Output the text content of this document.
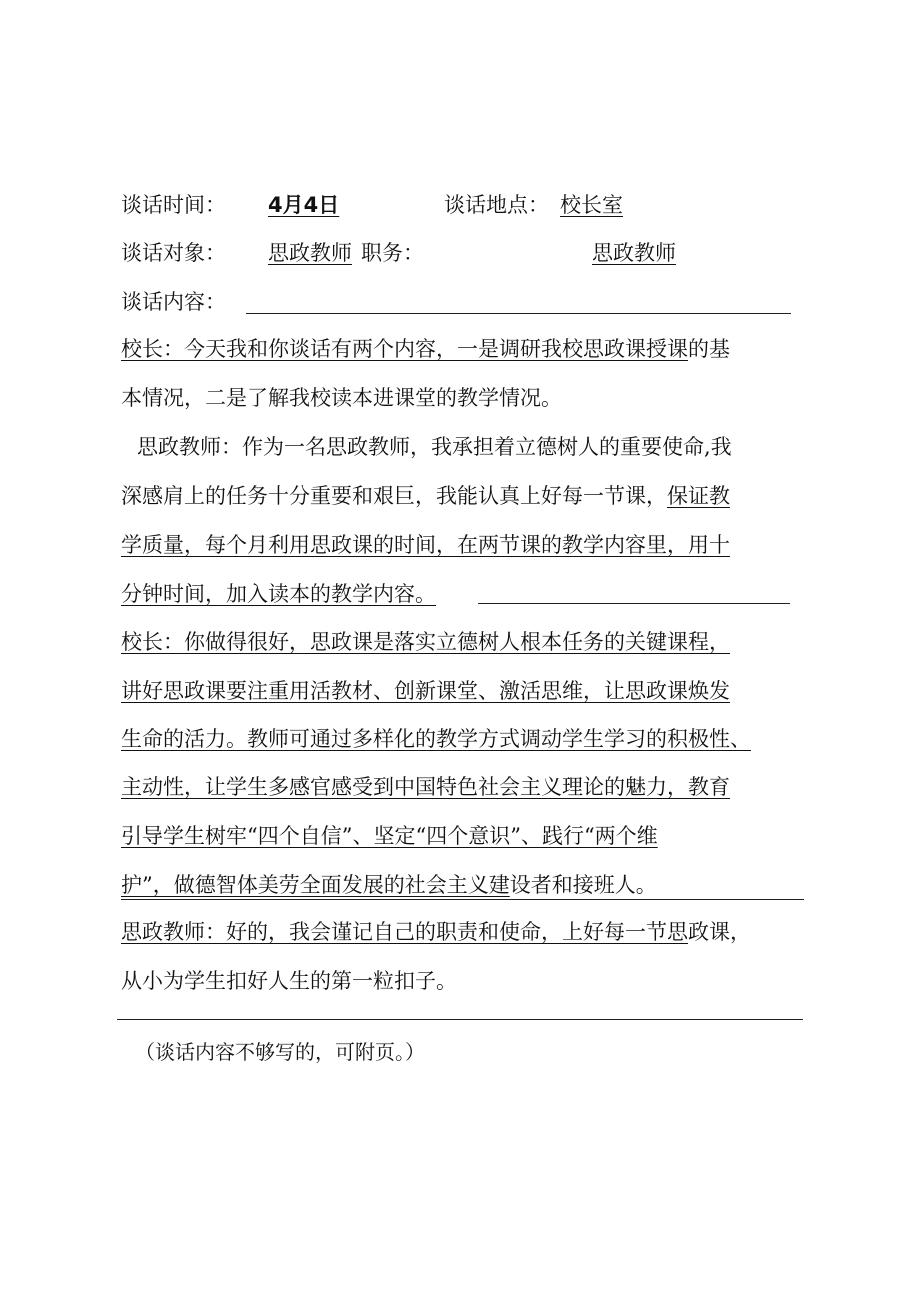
谈话时间： 4月4日	谈话地点： 校长室
谈话对象： 思政教师 职务：	思政教师
谈话内容：
校长：今天我和你谈话有两个内容，一是调研我校思政课授课的基
本情况，二是了解我校读本进课堂的教学情况。
思政教师：作为一名思政教师，我承担着立德树人的重要使命,我
深感肩上的任务十分重要和艰巨，我能认真上好每一节课，保证教
学质量，每个月利用思政课的时间，在两节课的教学内容里，用十
分钟时间，加入读本的教学内容。
校长：你做得很好，思政课是落实立德树人根本任务的关键课程，
讲好思政课要注重用活教材、创新课堂、激活思维，让思政课焕发
生命的活力。教师可通过多样化的教学方式调动学生学习的积极性、
主动性，让学生多感官感受到中国特色社会主义理论的魅力，教育
引导学生树牢“四个自信”、坚定“四个意识”、践行“两个维
护”，做德智体美劳全面发展的社会主义建设者和接班人。
思政教师：好的，我会谨记自己的职责和使命，上好每一节思政课，
从小为学生扣好人生的第一粒扣子。
（谈话内容不够写的，可附页。）
